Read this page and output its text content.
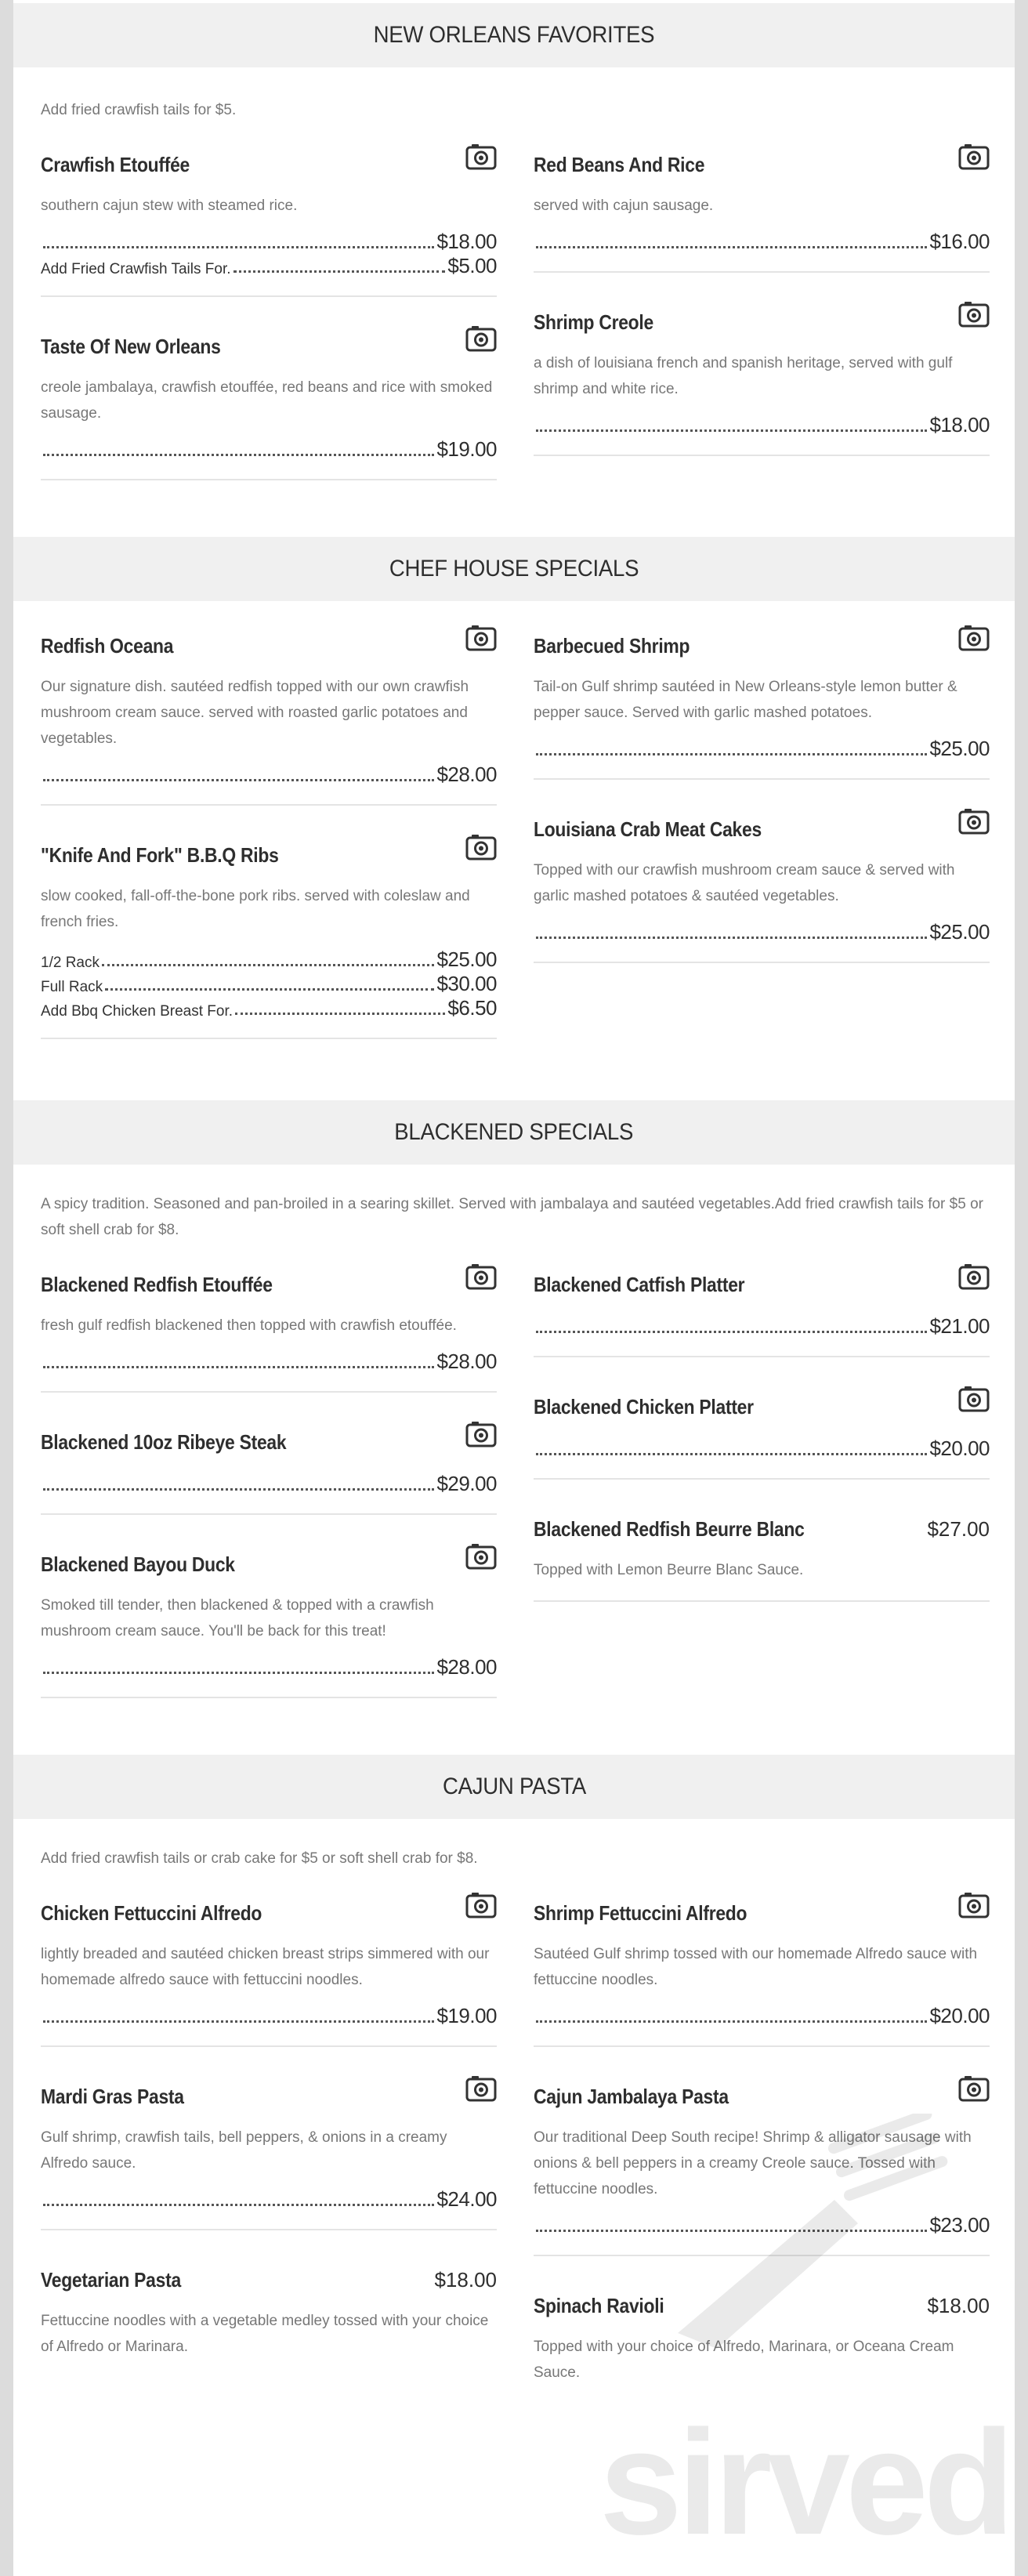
NEW ORLEANS FAVORITES
Add fried crawfish tails for $5.
Crawfish Etouffée
southern cajun stew with steamed rice.
$18.00
Add Fried Crawfish Tails For.	$5.00
Taste Of New Orleans
creole jambalaya, crawfish etouffée, red beans and rice with smoked sausage.
$19.00
Red Beans And Rice
served with cajun sausage.
$16.00
Shrimp Creole
a dish of louisiana french and spanish heritage, served with gulf shrimp and white rice.
$18.00
CHEF HOUSE SPECIALS
Redfish Oceana
Our signature dish. sautéed redfish topped with our own crawfish mushroom cream sauce. served with roasted garlic potatoes and vegetables.
$28.00
"Knife And Fork" B.B.Q Ribs
slow cooked, fall-off-the-bone pork ribs. served with coleslaw and french fries.
1/2 Rack	$25.00
Full Rack	$30.00
Add Bbq Chicken Breast For.	$6.50
Barbecued Shrimp
Tail-on Gulf shrimp sautéed in New Orleans-style lemon butter & pepper sauce. Served with garlic mashed potatoes.
$25.00
Louisiana Crab Meat Cakes
Topped with our crawfish mushroom cream sauce & served with garlic mashed potatoes & sautéed vegetables.
$25.00
BLACKENED SPECIALS
A spicy tradition. Seasoned and pan-broiled in a searing skillet. Served with jambalaya and sautéed vegetables.Add fried crawfish tails for $5 or soft shell crab for $8.
Blackened Redfish Etouffée
fresh gulf redfish blackened then topped with crawfish etouffée.
$28.00
Blackened 10oz Ribeye Steak
$29.00
Blackened Bayou Duck
Smoked till tender, then blackened & topped with a crawfish mushroom cream sauce. You'll be back for this treat!
$28.00
Blackened Catfish Platter
$21.00
Blackened Chicken Platter
$20.00
Blackened Redfish Beurre Blanc	$27.00
Topped with Lemon Beurre Blanc Sauce.
CAJUN PASTA
Add fried crawfish tails or crab cake for $5 or soft shell crab for $8.
Chicken Fettuccini Alfredo
lightly breaded and sautéed chicken breast strips simmered with our homemade alfredo sauce with fettuccini noodles.
$19.00
Mardi Gras Pasta
Gulf shrimp, crawfish tails, bell peppers, & onions in a creamy Alfredo sauce.
$24.00
Vegetarian Pasta	$18.00
Fettuccine noodles with a vegetable medley tossed with your choice of Alfredo or Marinara.
Shrimp Fettuccini Alfredo
Sautéed Gulf shrimp tossed with our homemade Alfredo sauce with fettuccine noodles.
$20.00
Cajun Jambalaya Pasta
Our traditional Deep South recipe! Shrimp & alligator sausage with onions & bell peppers in a creamy Creole sauce. Tossed with fettuccine noodles.
$23.00
Spinach Ravioli	$18.00
Topped with your choice of Alfredo, Marinara, or Oceana Cream Sauce.
sirved
